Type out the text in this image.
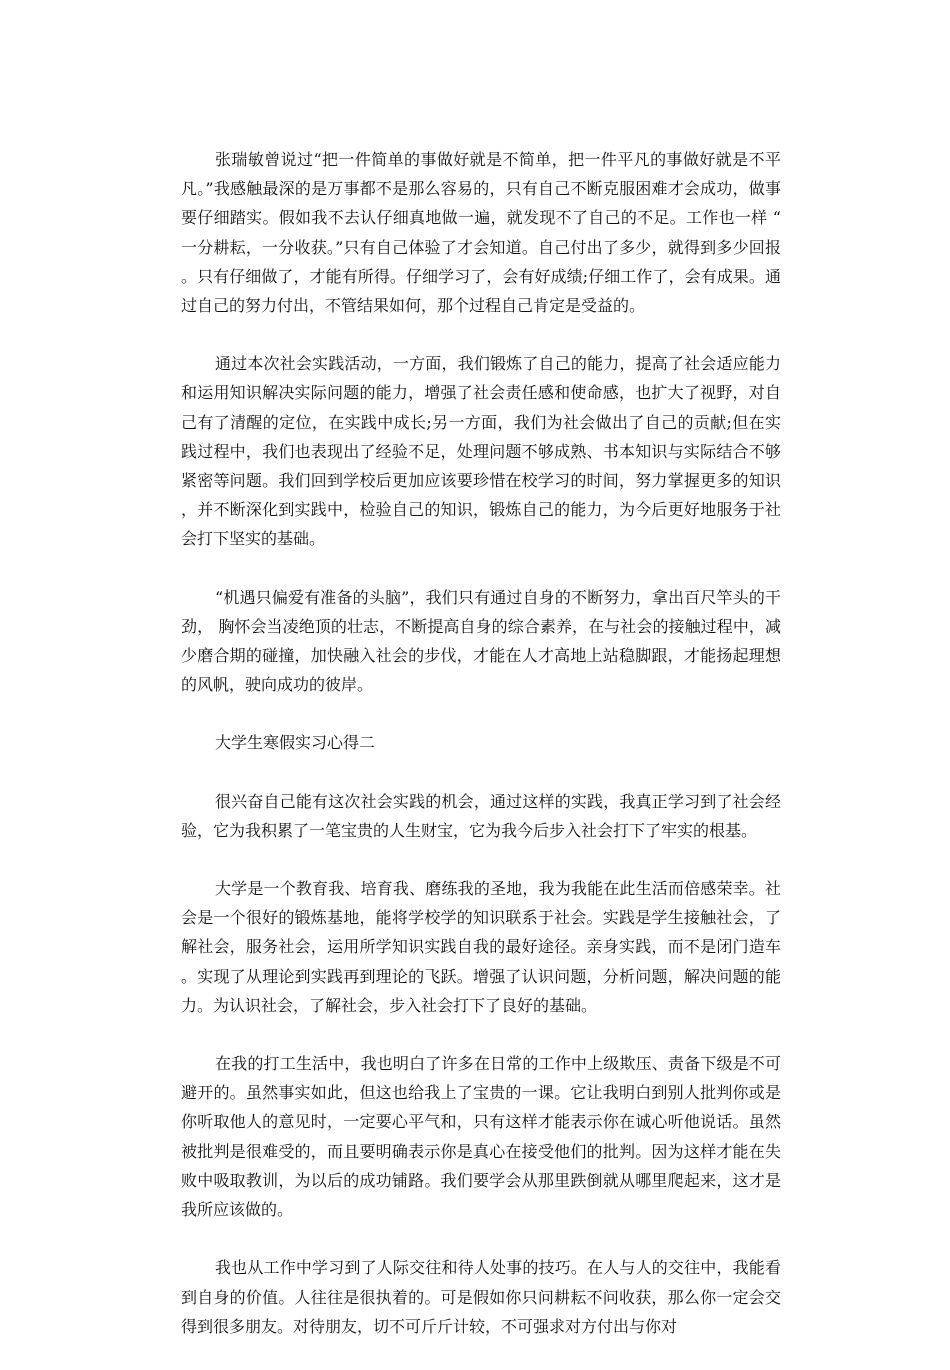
张瑞敏曾说过“把一件简单的事做好就是不简单，把一件平凡的事做好就是不平凡。”我感触最深的是万事都不是那么容易的，只有自己不断克服困难才会成功，做事要仔细踏实。假如我不去认仔细真地做一遍，就发现不了自己的不足。工作也一样 “一分耕耘，一分收获。”只有自己体验了才会知道。自己付出了多少，就得到多少回报。只有仔细做了，才能有所得。仔细学习了，会有好成绩;仔细工作了，会有成果。通过自己的努力付出，不管结果如何，那个过程自己肯定是受益的。

通过本次社会实践活动，一方面，我们锻炼了自己的能力，提高了社会适应能力和运用知识解决实际问题的能力，增强了社会责任感和使命感，也扩大了视野，对自己有了清醒的定位，在实践中成长;另一方面，我们为社会做出了自己的贡献;但在实践过程中，我们也表现出了经验不足，处理问题不够成熟、书本知识与实际结合不够紧密等问题。我们回到学校后更加应该要珍惜在校学习的时间，努力掌握更多的知识，并不断深化到实践中，检验自己的知识，锻炼自己的能力，为今后更好地服务于社会打下坚实的基础。

“机遇只偏爱有准备的头脑”，我们只有通过自身的不断努力，拿出百尺竿头的干劲， 胸怀会当凌绝顶的壮志，不断提高自身的综合素养，在与社会的接触过程中，减少磨合期的碰撞，加快融入社会的步伐，才能在人才高地上站稳脚跟，才能扬起理想的风帆，驶向成功的彼岸。

大学生寒假实习心得二

很兴奋自己能有这次社会实践的机会，通过这样的实践，我真正学习到了社会经验，它为我积累了一笔宝贵的人生财宝，它为我今后步入社会打下了牢实的根基。

大学是一个教育我、培育我、磨练我的圣地，我为我能在此生活而倍感荣幸。社会是一个很好的锻炼基地，能将学校学的知识联系于社会。实践是学生接触社会，了解社会，服务社会，运用所学知识实践自我的最好途径。亲身实践，而不是闭门造车。实现了从理论到实践再到理论的飞跃。增强了认识问题，分析问题，解决问题的能力。为认识社会，了解社会，步入社会打下了良好的基础。

在我的打工生活中，我也明白了许多在日常的工作中上级欺压、责备下级是不可避开的。虽然事实如此，但这也给我上了宝贵的一课。它让我明白到别人批判你或是你听取他人的意见时，一定要心平气和，只有这样才能表示你在诚心听他说话。虽然被批判是很难受的，而且要明确表示你是真心在接受他们的批判。因为这样才能在失败中吸取教训，为以后的成功铺路。我们要学会从那里跌倒就从哪里爬起来，这才是我所应该做的。

我也从工作中学习到了人际交往和待人处事的技巧。在人与人的交往中，我能看到自身的价值。人往往是很执着的。可是假如你只问耕耘不问收获，那么你一定会交得到很多朋友。对待朋友，切不可斤斤计较，不可强求对方付出与你对
